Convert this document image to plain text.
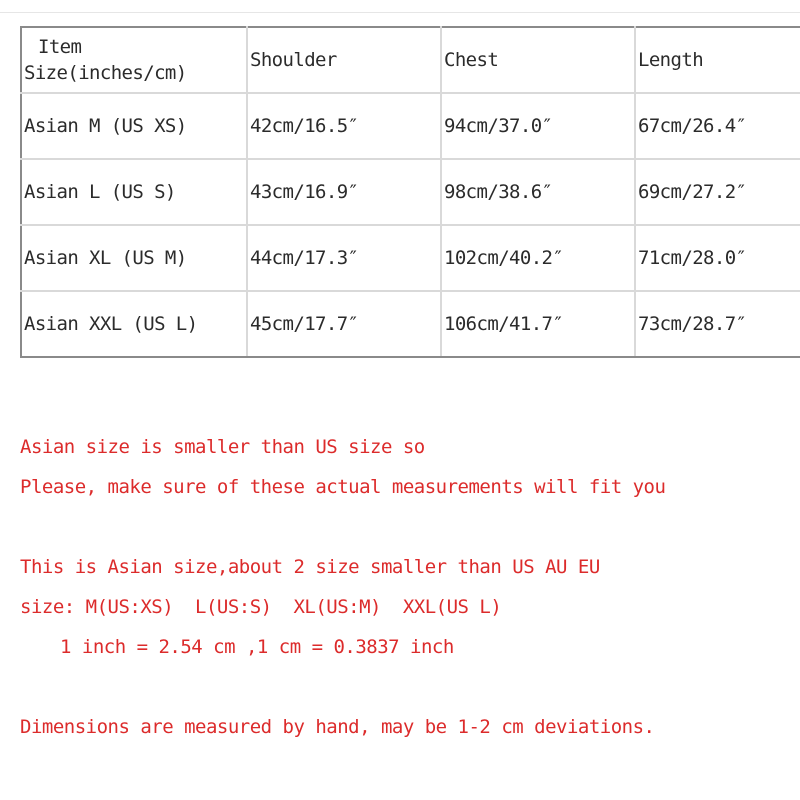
Item
Size(inches/cm)	Shoulder	Chest	Length
Asian M (US XS)	42cm/16.5″	94cm/37.0″	67cm/26.4″
Asian L (US S)	43cm/16.9″	98cm/38.6″	69cm/27.2″
Asian XL (US M)	44cm/17.3″	102cm/40.2″	71cm/28.0″
Asian XXL (US L)	45cm/17.7″	106cm/41.7″	73cm/28.7″
Asian size is smaller than US size so
Please, make sure of these actual measurements will fit you
This is Asian size,about 2 size smaller than US AU EU
size: M(US:XS)  L(US:S)  XL(US:M)  XXL(US L)
1 inch = 2.54 cm ,1 cm = 0.3837 inch
Dimensions are measured by hand, may be 1-2 cm deviations.
